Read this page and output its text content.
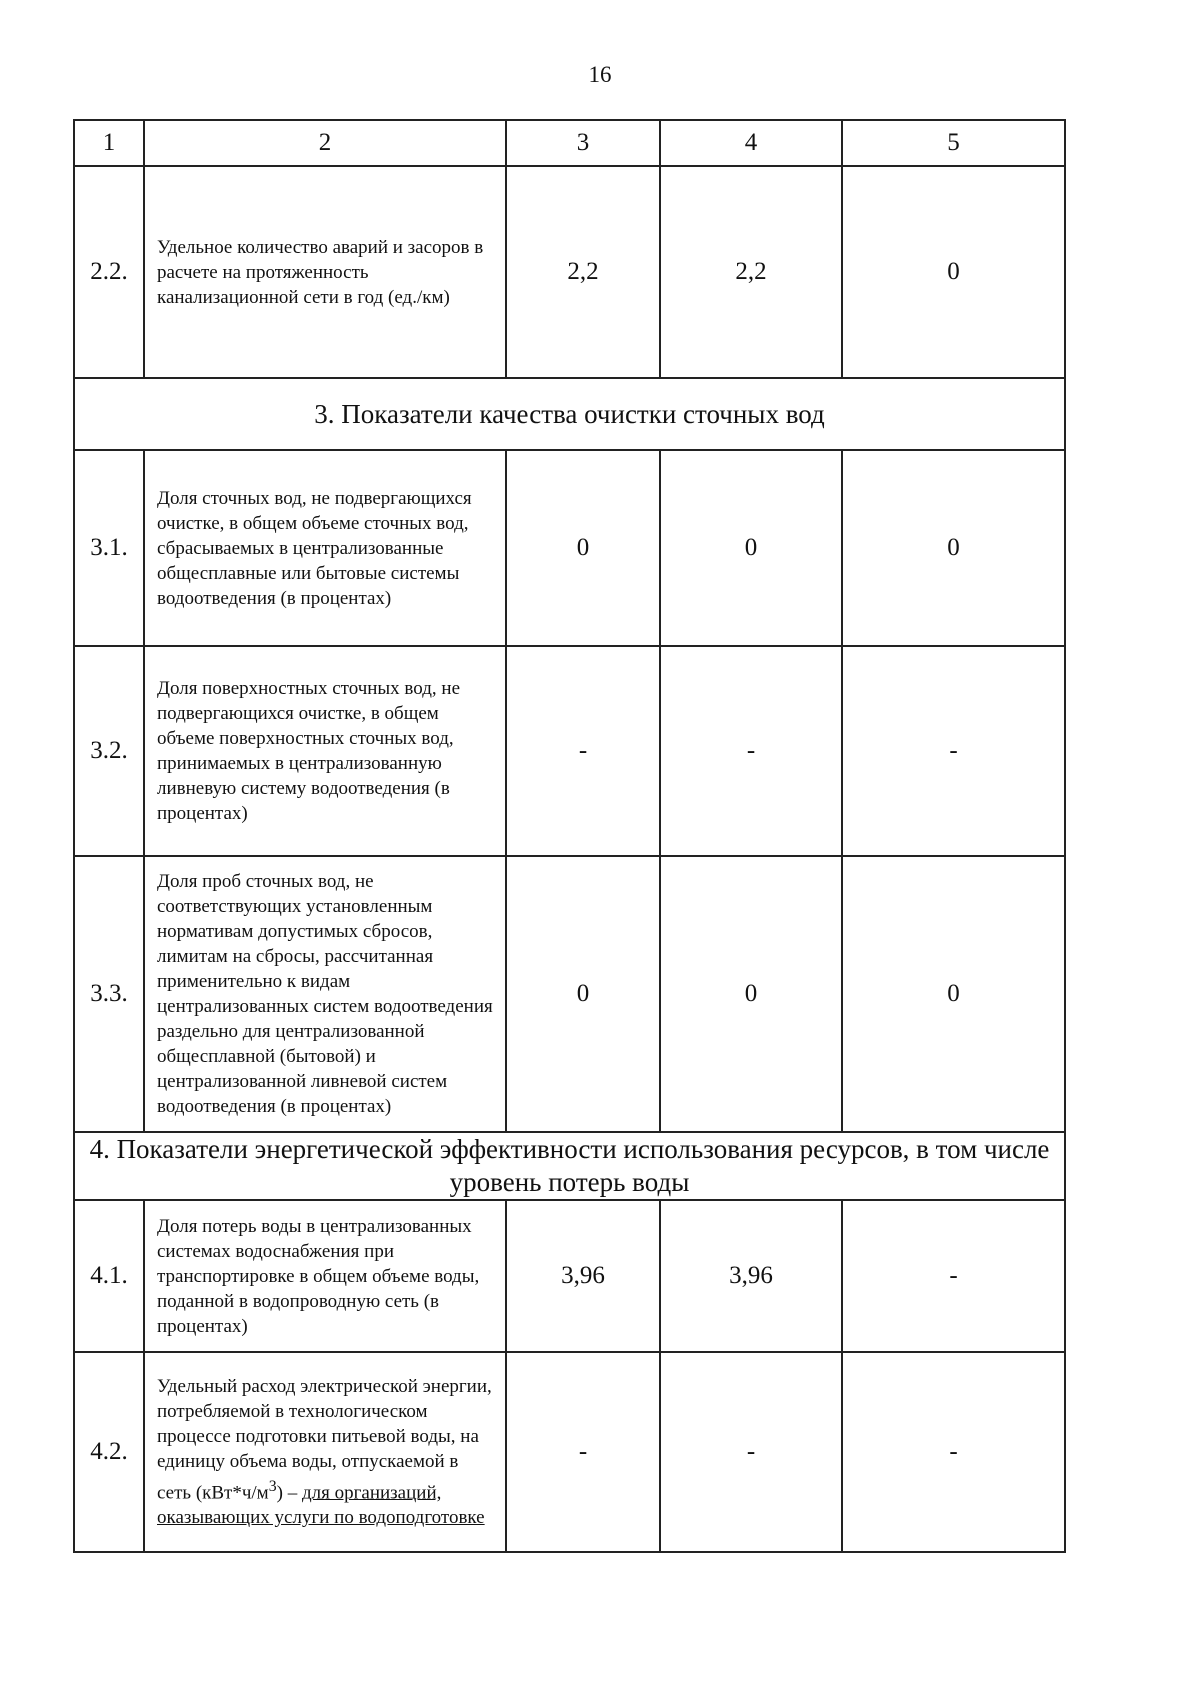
16
1	2	3	4	5
2.2.	Удельное количество аварий и засоров в расчете на протяженность канализационной сети в год (ед./км)	2,2	2,2	0
3. Показатели качества очистки сточных вод				
3.1.	Доля сточных вод, не подвергающихся очистке, в общем объеме сточных вод, сбрасываемых в централизованные общесплавные или бытовые системы водоотведения (в процентах)	0	0	0
3.2.	Доля поверхностных сточных вод, не подвергающихся очистке, в общем объеме поверхностных сточных вод, принимаемых в централизованную ливневую систему водоотведения (в процентах)	-	-	-
3.3.	Доля проб сточных вод, не соответствующих установленным нормативам допустимых сбросов, лимитам на сбросы, рассчитанная применительно к видам централизованных систем водоотведения раздельно для централизованной общесплавной (бытовой) и централизованной ливневой систем водоотведения (в процентах)	0	0	0
4. Показатели энергетической эффективности использования ресурсов, в том числе уровень потерь воды				
4.1.	Доля потерь воды в централизованных системах водоснабжения при транспортировке в общем объеме воды, поданной в водопроводную сеть (в процентах)	3,96	3,96	-
4.2.	Удельный расход электрической энергии, потребляемой в технологическом процессе подготовки питьевой воды, на единицу объема воды, отпускаемой в сеть $(кВт*ч/м^3)$ – для организаций, оказывающих услуги по водоподготовке	-	-	-
